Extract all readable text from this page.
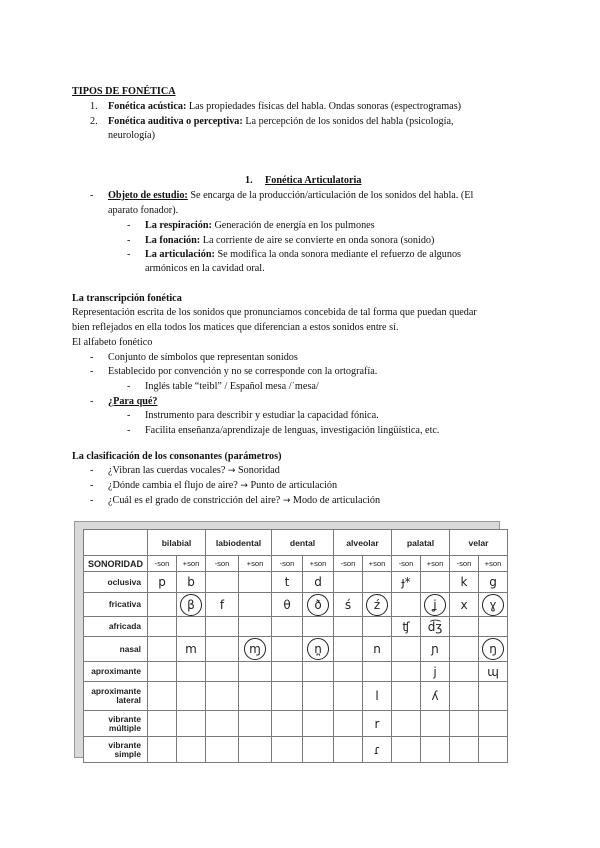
TIPOS DE FONÉTICA
1. Fonética acústica: Las propiedades físicas del habla. Ondas sonoras (espectrogramas)
2. Fonética auditiva o perceptiva: La percepción de los sonidos del habla (psicología,
neurología)
1. Fonética Articulatoria
- Objeto de estudio: Se encarga de la producción/articulación de los sonidos del habla. (El
aparato fonador).
- La respiración: Generación de energía en los pulmones
- La fonación: La corriente de aire se convierte en onda sonora (sonido)
- La articulación: Se modifica la onda sonora mediante el refuerzo de algunos
armónicos en la cavidad oral.
La transcripción fonética
Representación escrita de los sonidos que pronunciamos concebida de tal forma que puedan quedar
bien reflejados en ella todos los matices que diferencian a estos sonidos entre sí.
El alfabeto fonético
- Conjunto de símbolos que representan sonidos
- Establecido por convención y no se corresponde con la ortografía.
- Inglés table “teibl” / Español mesa /ˈmesa/
- ¿Para qué?
- Instrumento para describir y estudiar la capacidad fónica.
- Facilita enseñanza/aprendizaje de lenguas, investigación lingüística, etc.
La clasificación de los consonantes (parámetros)
- ¿Vibran las cuerdas vocales? → Sonoridad
- ¿Dónde cambia el flujo de aire? → Punto de articulación
- ¿Cuál es el grado de constricción del aire? → Modo de articulación
	bilabial		labiodental		dental		alveolar		palatal		velar	
SONORIDAD	-son	+son	-son	+son	-son	+son	-son	+son	-son	+son	-son	+son
oclusiva	p	b			t	d			ɟ*		k	g
fricativa		β	f		θ	ð	ś	ź		ʝ	x	ɣ
africada									ʧ	d͡ʒ		
nasal		m		ɱ		n̪		n		ɲ		ŋ
aproximante										j		ɰ
aproximante
lateral								l		ʎ		
vibrante
múltiple								r				
vibrante
simple								ɾ				
